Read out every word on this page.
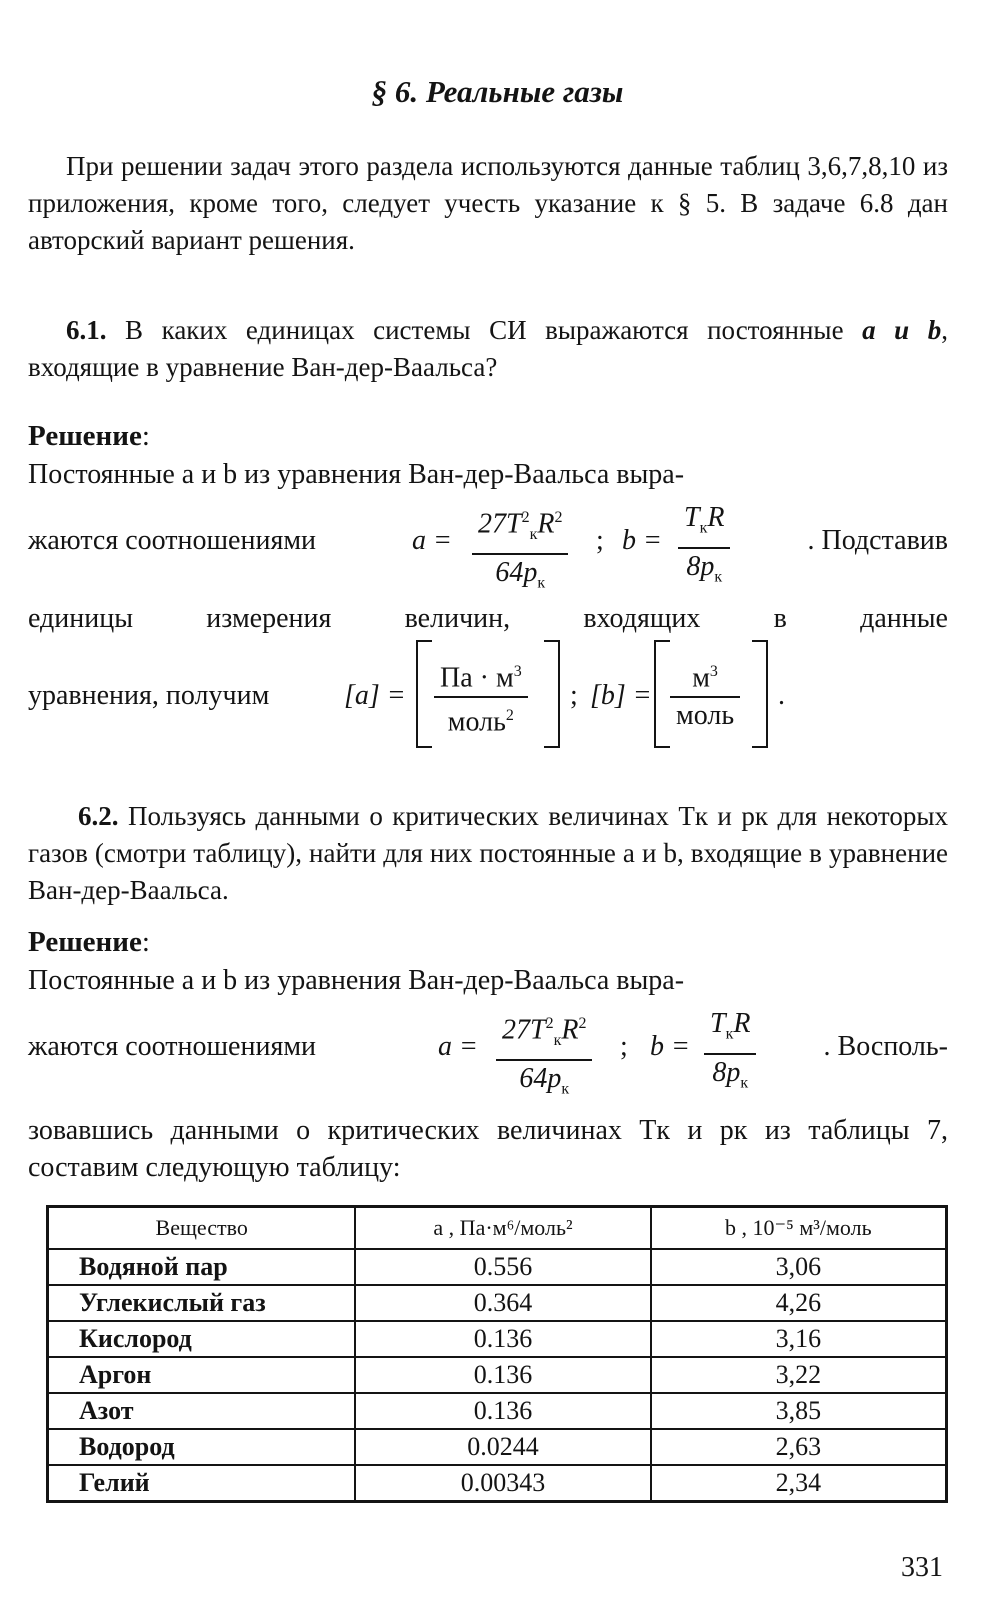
§ 6. Реальные газы
При решении задач этого раздела используются данные таблиц 3,6,7,8,10 из приложения, кроме того, следует учесть указание к § 5. В задаче 6.8 дан авторский вариант решения.
6.1. В каких единицах системы СИ выражаются постоянные a и b, входящие в уравнение Ван-дер-Ваальса?
Решение:
Постоянные a и b из уравнения Ван-дер-Ваальса выра-
жаются соотношениями	a =
$27T^2_кR^2$
$64p_к$
; b =
$T_кR$
$8p_к$
. Подставив
единицы измерения величин, входящих в данные
уравнения, получим	[a] =
Па · $м^3$
моль$^2$
; [b] =
$м^3$
моль
.
6.2. Пользуясь данными о критических величинах Tк и pк для некоторых газов (смотри таблицу), найти для них постоянные a и b, входящие в уравнение Ван-дер-Ваальса.
Решение:
Постоянные a и b из уравнения Ван-дер-Ваальса выра-
жаются соотношениями	a =
$27T^2_кR^2$
$64p_к$
; b =
$T_кR$
$8p_к$
. Восполь-
зовавшись данными о критических величинах Tк и pк из таблицы 7, составим следующую таблицу:
Вещество	a , Па·м⁶/моль²	b , 10⁻⁵ м³/моль
Водяной пар	0.556	3,06
Углекислый газ	0.364	4,26
Кислород	0.136	3,16
Аргон	0.136	3,22
Азот	0.136	3,85
Водород	0.0244	2,63
Гелий	0.00343	2,34
331
